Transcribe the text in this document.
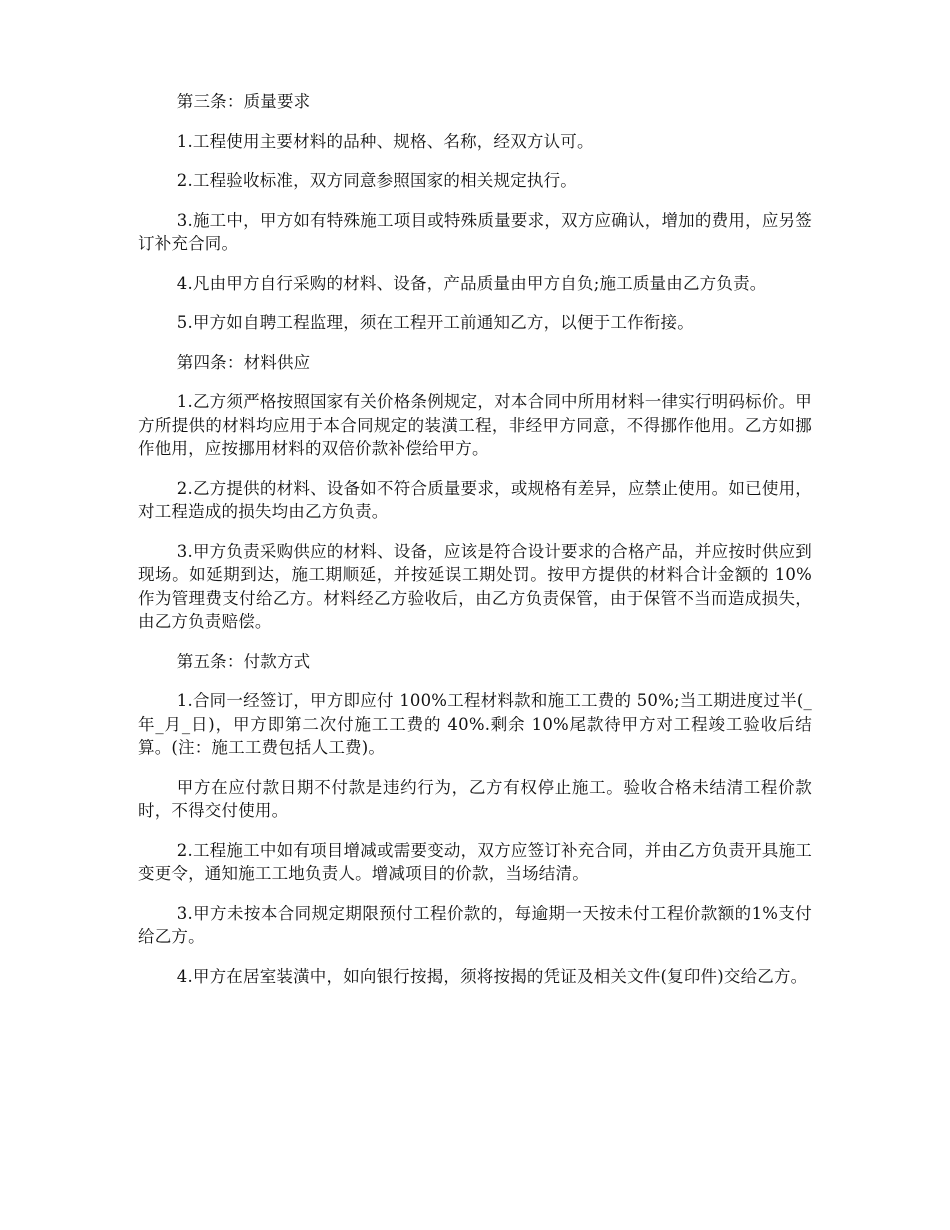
第三条：质量要求

1.工程使用主要材料的品种、规格、名称，经双方认可。

2.工程验收标准，双方同意参照国家的相关规定执行。

3.施工中，甲方如有特殊施工项目或特殊质量要求，双方应确认，增加的费用，应另签订补充合同。

4.凡由甲方自行采购的材料、设备，产品质量由甲方自负;施工质量由乙方负责。

5.甲方如自聘工程监理，须在工程开工前通知乙方，以便于工作衔接。

第四条：材料供应

1.乙方须严格按照国家有关价格条例规定，对本合同中所用材料一律实行明码标价。甲方所提供的材料均应用于本合同规定的装潢工程，非经甲方同意，不得挪作他用。乙方如挪作他用，应按挪用材料的双倍价款补偿给甲方。

2.乙方提供的材料、设备如不符合质量要求，或规格有差异，应禁止使用。如已使用，对工程造成的损失均由乙方负责。

3.甲方负责采购供应的材料、设备，应该是符合设计要求的合格产品，并应按时供应到现场。如延期到达，施工期顺延，并按延误工期处罚。按甲方提供的材料合计金额的 10%作为管理费支付给乙方。材料经乙方验收后，由乙方负责保管，由于保管不当而造成损失，由乙方负责赔偿。

第五条：付款方式

1.合同一经签订，甲方即应付 100%工程材料款和施工工费的 50%;当工期进度过半(_年_月_日)，甲方即第二次付施工工费的 40%.剩余 10%尾款待甲方对工程竣工验收后结算。(注：施工工费包括人工费)。

甲方在应付款日期不付款是违约行为，乙方有权停止施工。验收合格未结清工程价款时，不得交付使用。

2.工程施工中如有项目增减或需要变动，双方应签订补充合同，并由乙方负责开具施工变更令，通知施工工地负责人。增减项目的价款，当场结清。

3.甲方未按本合同规定期限预付工程价款的，每逾期一天按未付工程价款额的1%支付给乙方。

4.甲方在居室装潢中，如向银行按揭，须将按揭的凭证及相关文件(复印件)交给乙方。
